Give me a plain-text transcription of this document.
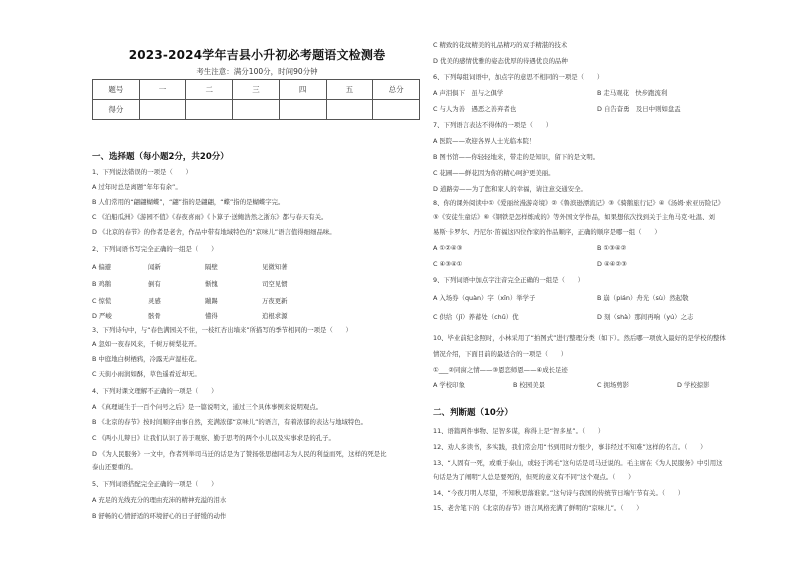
2023-2024学年吉县小升初必考题语文检测卷
考生注意：满分100分，时间90分钟
题号	一	二	三	四	五	总分
得分						
一、选择题（每小题2分，共20分）
1、下列说法错误的一项是（　　）
A 过年时总是离题“年年有余”。
B 人们常用的“翩翩蝴蝶”，“翩”指的是翩翩，“蝶”指的是蝴蝶字完。
C 《泊船瓜洲》《游园不值》《春夜喜雨》《卜算子·送鲍浩然之浙东》都与春天有关。
D 《北京的春节》的作者是老舍，作品中带有地域特色的“京味儿”语言值得细细品味。
2、下列词语书写完全正确的一组是（　　）
A 偏避	闻新	隔壁	见微知著
B 鸡鹅	倒有	惭愧	司空见惯
C 惊慌	灵感	蹦踢	万夜更新
D 严峻	骸骨	懂得	追根求源
3、下列诗句中，与“春色满园关不住，一枝红杏出墙来”所描写的季节相同的一项是（　　）
A 忽如一夜春风来，千树万树梨花开。
B 中庭地白树栖鸦，冷露无声湿桂花。
C 天街小雨润如酥，草色遥看近却无。
4、下列对课文理解不正确的一项是（　　）
A 《真理诞生于一百个问号之后》是一篇说明文，通过三个具体事例来说明观点。
B 《北京的春节》按时间顺序由事自然，充满浓郁“京味儿”的语言，有着浓郁的表达与地域特色。
C 《两小儿辩日》让我们认识了善于观察、勤于思考的两个小儿以及实事求是的孔子。
D 《为人民服务》一文中，作者列举司马迁的话是为了赞扬张思德同志为人民的利益而死，这样的死是比
泰山还要重的。
5、下列词语搭配完全正确的一项是（　　）
A 充足的光线充分的理由充沛的精神充溢的泪水
B 舒畅的心情舒适的环境舒心的日子舒缓的动作
C 精致的花纹精美的礼品精巧的双手精湛的技术
D 优美的感情优雅的姿态优厚的待遇优良的品种
6、下列每组词语中，加点字的意思不相同的一项是（　　）
A 声泪俱下　虽与之俱学	B 走马观花　快步跑流利
C 与人为善　遇恶之善弃者也	D 自告奋勇　及日中则如盘盂
7、下列语言表达不得体的一项是（　　）
A 医院——欢迎各界人士光临本院！
B 图书馆——你轻轻地来，带走的是知识，留下的是文明。
C 花圃——鲜花因为你的精心呵护更美丽。
D 道路旁——为了您和家人的幸福，请注意交通安全。
8、你的课外阅读中①《爱丽丝漫游奇境》②《鲁滨逊漂流记》③《骑鹅旅行记》④《汤姆·索亚历险记》
⑤《安徒生童话》⑥《钢铁是怎样炼成的》等外国文学作品，如果想依次找到关于主角马克·吐温、刘
易斯·卡罗尔、丹尼尔·笛福这四位作家的作品顺序，正确的顺序是哪一组（　　）
A ①②④③	B ①③④②
C ④③④①	D ④④②③
9、下列词语中加点字注音完全正确的一组是（　　）
A 入场券（quàn）字（xīn）举学子	B 崩（pián）舟光（sù）然起敬
C 供给（jǐ）养蓄处（chǔ）优	D 刻（shà）那间再响（yú）之志
10、毕业前纪念照时，小林采用了“拍图式”进行整理分类（如下）。然后哪一项放入最好的是学校的整体
情况介绍，下面目前的最适合的一项是（　　）
①___②同窗之情——③恩恋师恩——④成长足迹
A 学校印象	B 校园美景	C 拥场剪影	D 学校掠影
二、判断题（10分）
11、语篇两件事物、足智多谋，称得上是“智多星”。（　　）
12、劝人多读书，多实践，我们常会用“书到用时方恨少，事非经过不知难”这样的名言。（　　）
13、“人固有一死，或重于泰山，或轻于鸿毛”这句话是司马迁说的。毛主席在《为人民服务》中引用这
句话是为了阐明“人总是要死的，但死的意义有不同”这个观点。（　　）
14、“今夜月明人尽望，不知秋思落谁家。”这句诗与我国的传统节日端午节有关。（　　）
15、老舍笔下的《北京的春节》语言风格充满了鲜明的“京味儿”。（　　）
